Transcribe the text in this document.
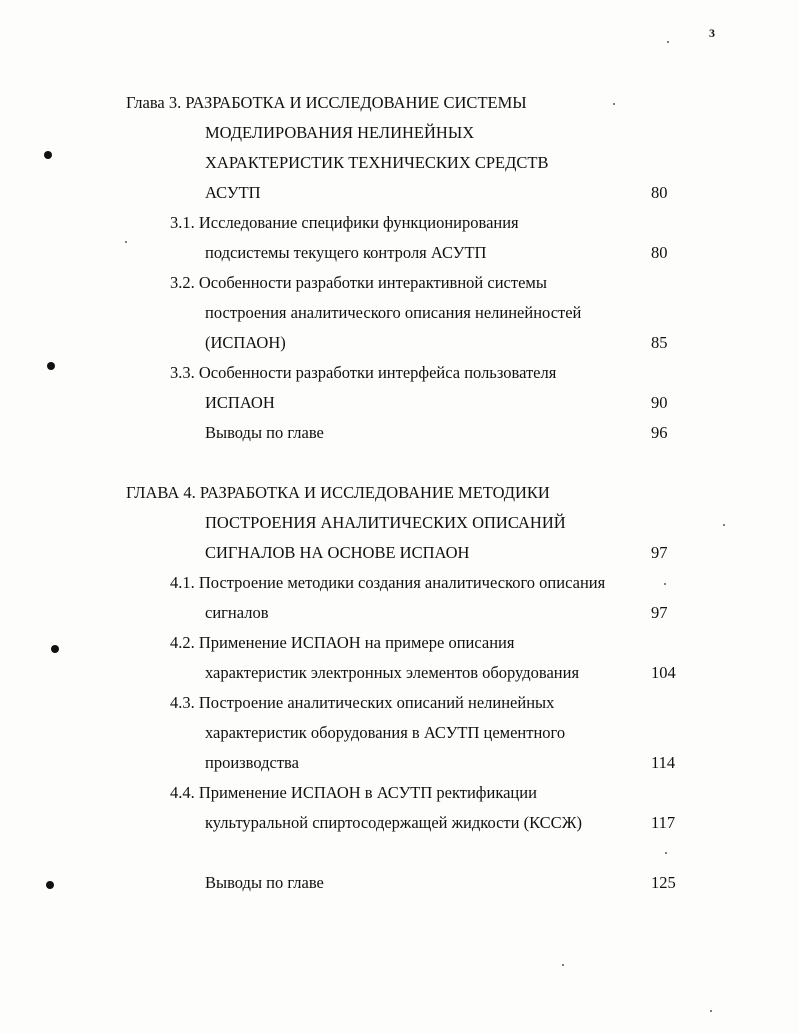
3
Глава 3. РАЗРАБОТКА И ИССЛЕДОВАНИЕ СИСТЕМЫ
МОДЕЛИРОВАНИЯ НЕЛИНЕЙНЫХ
ХАРАКТЕРИСТИК ТЕХНИЧЕСКИХ СРЕДСТВ
АСУТП	80
3.1. Исследование специфики функционирования
подсистемы текущего контроля АСУТП	80
3.2. Особенности разработки интерактивной системы
построения аналитического описания нелинейностей
(ИСПАОН)	85
3.3. Особенности разработки интерфейса пользователя
ИСПАОН	90
Выводы по главе	96
ГЛАВА 4. РАЗРАБОТКА И ИССЛЕДОВАНИЕ МЕТОДИКИ
ПОСТРОЕНИЯ АНАЛИТИЧЕСКИХ ОПИСАНИЙ
СИГНАЛОВ НА ОСНОВЕ ИСПАОН	97
4.1. Построение методики создания аналитического описания
сигналов	97
4.2. Применение ИСПАОН на примере описания
характеристик электронных элементов оборудования	104
4.3. Построение аналитических описаний нелинейных
характеристик оборудования в АСУТП цементного
производства	114
4.4. Применение ИСПАОН в АСУТП ректификации
культуральной спиртосодержащей жидкости (КССЖ)	117
Выводы по главе	125
